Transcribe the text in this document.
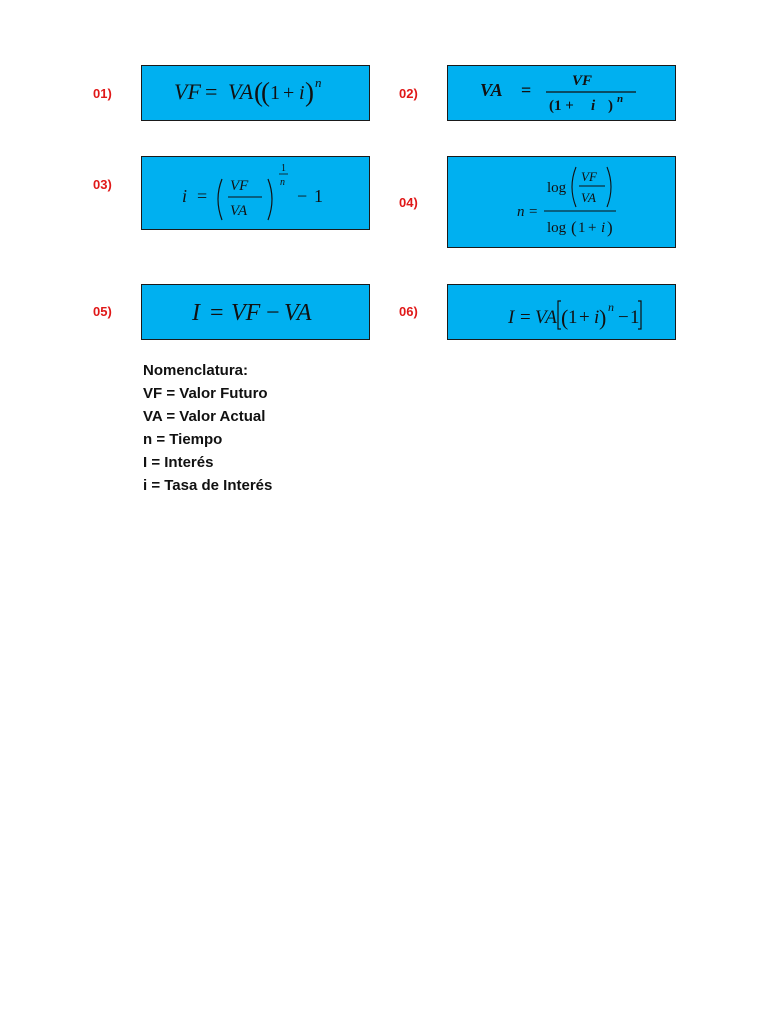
01)	02)
03)
04)
05)	06)
VF = VA (
( 1 + i ) n	VA =	VF
(1 + i ) n
i = VF
VA
1
n
− 1
n =
log
VF
VA
log ( 1 + i )
I = VF − VA	I = VA ( 1 + i ) n − 1
Nomenclatura:
VF = Valor Futuro
VA = Valor Actual
n = Tiempo
I = Interés
i = Tasa de Interés
